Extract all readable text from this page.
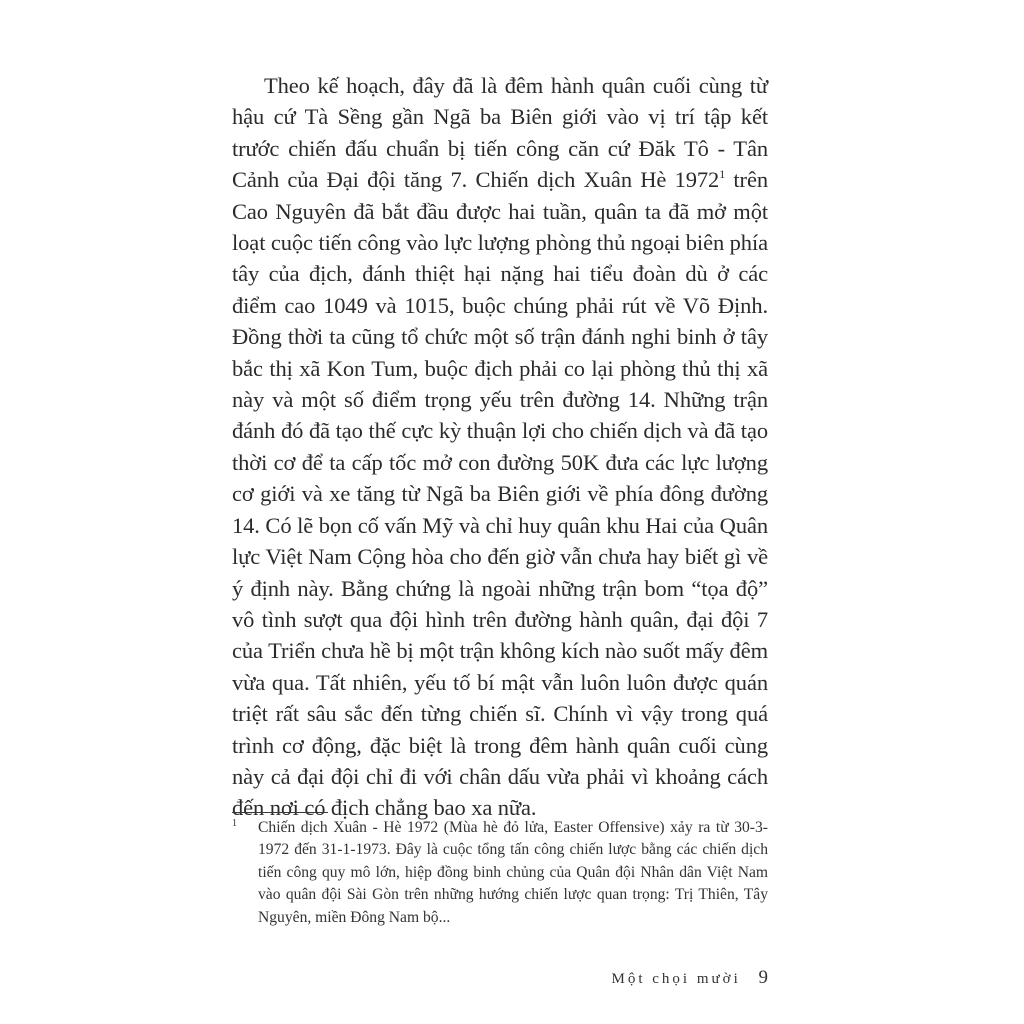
Theo kế hoạch, đây đã là đêm hành quân cuối cùng từ hậu cứ Tà Sềng gần Ngã ba Biên giới vào vị trí tập kết trước chiến đấu chuẩn bị tiến công căn cứ Đăk Tô - Tân Cảnh của Đại đội tăng 7. Chiến dịch Xuân Hè 1972$^1$ trên Cao Nguyên đã bắt đầu được hai tuần, quân ta đã mở một loạt cuộc tiến công vào lực lượng phòng thủ ngoại biên phía tây của địch, đánh thiệt hại nặng hai tiểu đoàn dù ở các điểm cao 1049 và 1015, buộc chúng phải rút về Võ Định. Đồng thời ta cũng tổ chức một số trận đánh nghi binh ở tây bắc thị xã Kon Tum, buộc địch phải co lại phòng thủ thị xã này và một số điểm trọng yếu trên đường 14. Những trận đánh đó đã tạo thế cực kỳ thuận lợi cho chiến dịch và đã tạo thời cơ để ta cấp tốc mở con đường 50K đưa các lực lượng cơ giới và xe tăng từ Ngã ba Biên giới về phía đông đường 14. Có lẽ bọn cố vấn Mỹ và chỉ huy quân khu Hai của Quân lực Việt Nam Cộng hòa cho đến giờ vẫn chưa hay biết gì về ý định này. Bằng chứng là ngoài những trận bom “tọa độ” vô tình sượt qua đội hình trên đường hành quân, đại đội 7 của Triển chưa hề bị một trận không kích nào suốt mấy đêm vừa qua. Tất nhiên, yếu tố bí mật vẫn luôn luôn được quán triệt rất sâu sắc đến từng chiến sĩ. Chính vì vậy trong quá trình cơ động, đặc biệt là trong đêm hành quân cuối cùng này cả đại đội chỉ đi với chân dấu vừa phải vì khoảng cách đến nơi có địch chẳng bao xa nữa.

1 Chiến dịch Xuân - Hè 1972 (Mùa hè đỏ lửa, Easter Offensive) xảy ra từ 30-3-1972 đến 31-1-1973. Đây là cuộc tổng tấn công chiến lược bằng các chiến dịch tiến công quy mô lớn, hiệp đồng binh chủng của Quân đội Nhân dân Việt Nam vào quân đội Sài Gòn trên những hướng chiến lược quan trọng: Trị Thiên, Tây Nguyên, miền Đông Nam bộ...
Một chọi mười 9
